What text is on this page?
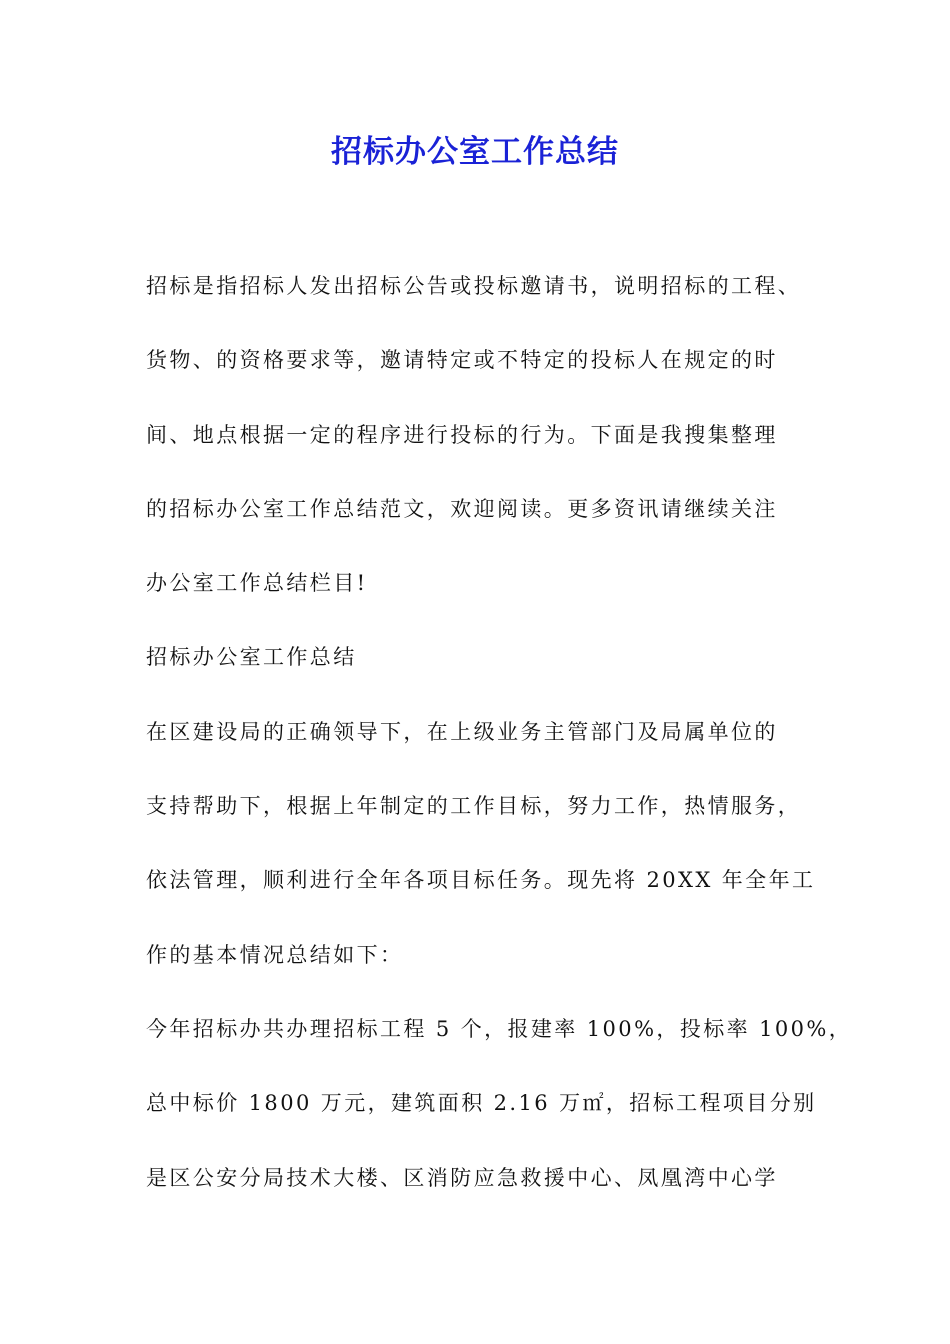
招标办公室工作总结

招标是指招标人发出招标公告或投标邀请书，说明招标的工程、

货物、的资格要求等，邀请特定或不特定的投标人在规定的时

间、地点根据一定的程序进行投标的行为。下面是我搜集整理

的招标办公室工作总结范文，欢迎阅读。更多资讯请继续关注

办公室工作总结栏目!

招标办公室工作总结

在区建设局的正确领导下，在上级业务主管部门及局属单位的

支持帮助下，根据上年制定的工作目标，努力工作，热情服务，

依法管理，顺利进行全年各项目标任务。现先将 20XX 年全年工

作的基本情况总结如下：

今年招标办共办理招标工程 5 个，报建率 100%，投标率 100%，

总中标价 1800 万元，建筑面积 2.16 万㎡，招标工程项目分别

是区公安分局技术大楼、区消防应急救援中心、凤凰湾中心学
